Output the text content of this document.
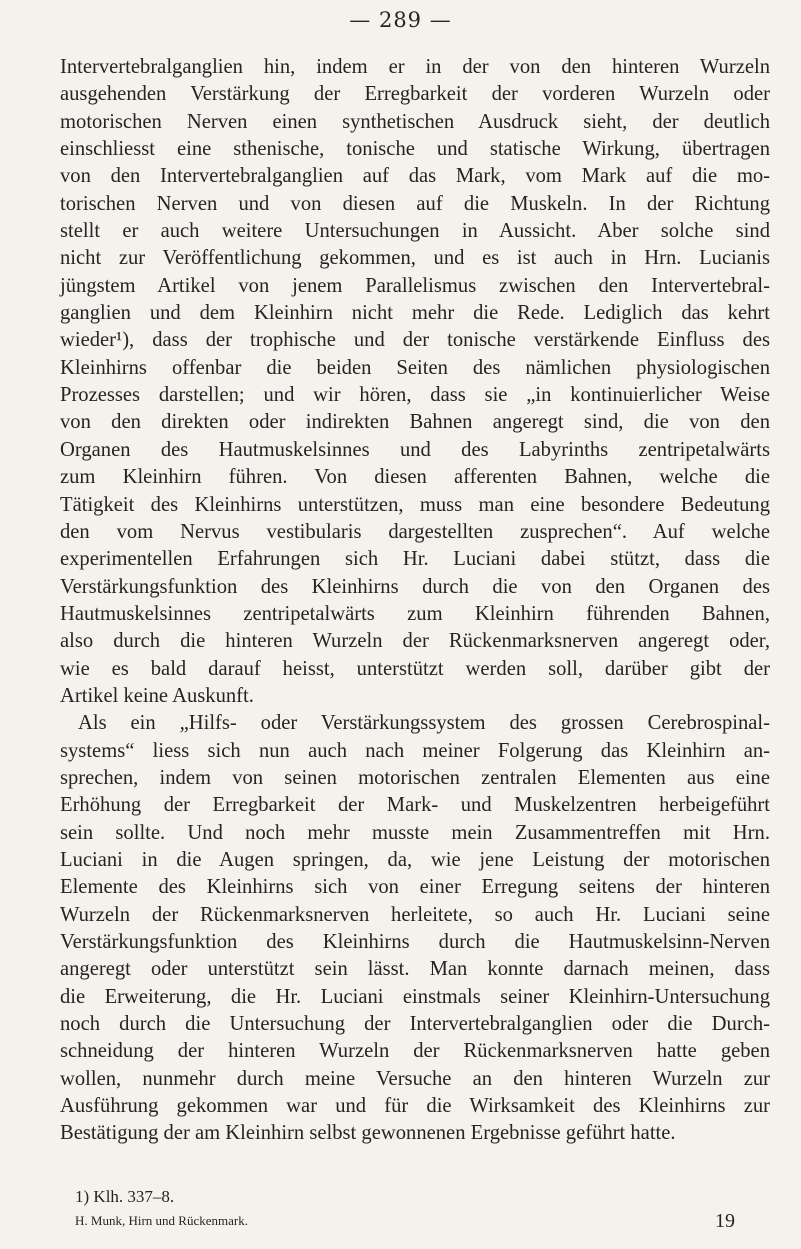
— 289 —
Intervertebralganglien hin, indem er in der von den hinteren Wurzeln
ausgehenden Verstärkung der Erregbarkeit der vorderen Wurzeln oder
motorischen Nerven einen synthetischen Ausdruck sieht, der deutlich
einschliesst eine sthenische, tonische und statische Wirkung, übertragen
von den Intervertebralganglien auf das Mark, vom Mark auf die mo-
torischen Nerven und von diesen auf die Muskeln. In der Richtung
stellt er auch weitere Untersuchungen in Aussicht. Aber solche sind
nicht zur Veröffentlichung gekommen, und es ist auch in Hrn. Lucianis
jüngstem Artikel von jenem Parallelismus zwischen den Intervertebral-
ganglien und dem Kleinhirn nicht mehr die Rede. Lediglich das kehrt
wieder¹), dass der trophische und der tonische verstärkende Einfluss des
Kleinhirns offenbar die beiden Seiten des nämlichen physiologischen
Prozesses darstellen; und wir hören, dass sie „in kontinuierlicher Weise
von den direkten oder indirekten Bahnen angeregt sind, die von den
Organen des Hautmuskelsinnes und des Labyrinths zentripetalwärts
zum Kleinhirn führen. Von diesen afferenten Bahnen, welche die
Tätigkeit des Kleinhirns unterstützen, muss man eine besondere Bedeutung
den vom Nervus vestibularis dargestellten zusprechen“. Auf welche
experimentellen Erfahrungen sich Hr. Luciani dabei stützt, dass die
Verstärkungsfunktion des Kleinhirns durch die von den Organen des
Hautmuskelsinnes zentripetalwärts zum Kleinhirn führenden Bahnen,
also durch die hinteren Wurzeln der Rückenmarksnerven angeregt oder,
wie es bald darauf heisst, unterstützt werden soll, darüber gibt der
Artikel keine Auskunft.
Als ein „Hilfs- oder Verstärkungssystem des grossen Cerebrospinal-
systems“ liess sich nun auch nach meiner Folgerung das Kleinhirn an-
sprechen, indem von seinen motorischen zentralen Elementen aus eine
Erhöhung der Erregbarkeit der Mark- und Muskelzentren herbeigeführt
sein sollte. Und noch mehr musste mein Zusammentreffen mit Hrn.
Luciani in die Augen springen, da, wie jene Leistung der motorischen
Elemente des Kleinhirns sich von einer Erregung seitens der hinteren
Wurzeln der Rückenmarksnerven herleitete, so auch Hr. Luciani seine
Verstärkungsfunktion des Kleinhirns durch die Hautmuskelsinn-Nerven
angeregt oder unterstützt sein lässt. Man konnte darnach meinen, dass
die Erweiterung, die Hr. Luciani einstmals seiner Kleinhirn-Untersuchung
noch durch die Untersuchung der Intervertebralganglien oder die Durch-
schneidung der hinteren Wurzeln der Rückenmarksnerven hatte geben
wollen, nunmehr durch meine Versuche an den hinteren Wurzeln zur
Ausführung gekommen war und für die Wirksamkeit des Kleinhirns zur
Bestätigung der am Kleinhirn selbst gewonnenen Ergebnisse geführt hatte.
1) Klh. 337–8.
H. Munk, Hirn und Rückenmark.	19
